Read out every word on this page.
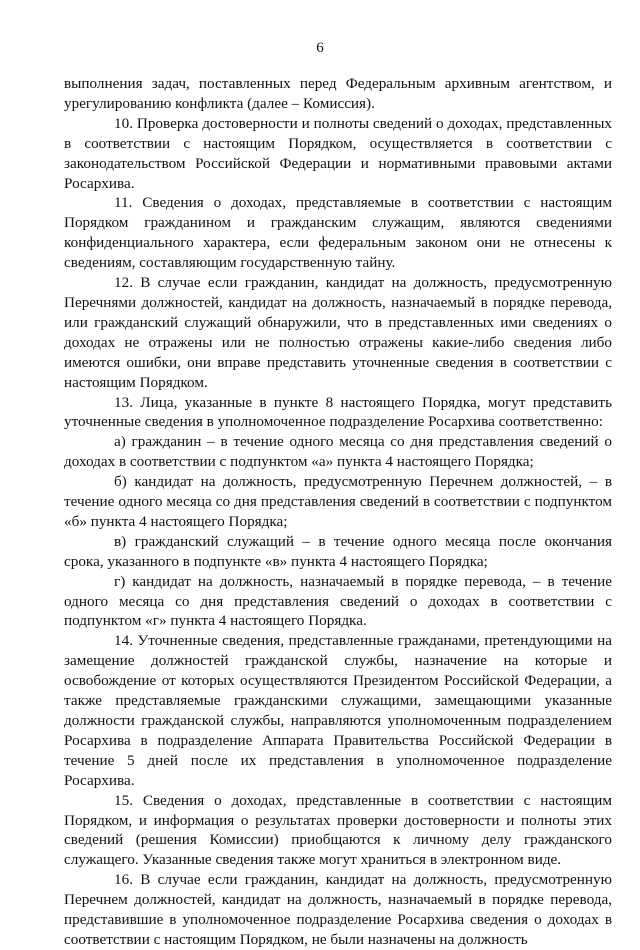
6

выполнения задач, поставленных перед Федеральным архивным агентством, и урегулированию конфликта (далее – Комиссия).

10. Проверка достоверности и полноты сведений о доходах, представленных в соответствии с настоящим Порядком, осуществляется в соответствии с законодательством Российской Федерации и нормативными правовыми актами Росархива.

11. Сведения о доходах, представляемые в соответствии с настоящим Порядком гражданином и гражданским служащим, являются сведениями конфиденциального характера, если федеральным законом они не отнесены к сведениям, составляющим государственную тайну.

12. В случае если гражданин, кандидат на должность, предусмотренную Перечнями должностей, кандидат на должность, назначаемый в порядке перевода, или гражданский служащий обнаружили, что в представленных ими сведениях о доходах не отражены или не полностью отражены какие-либо сведения либо имеются ошибки, они вправе представить уточненные сведения в соответствии с настоящим Порядком.

13. Лица, указанные в пункте 8 настоящего Порядка, могут представить уточненные сведения в уполномоченное подразделение Росархива соответственно:

а) гражданин – в течение одного месяца со дня представления сведений о доходах в соответствии с подпунктом «а» пункта 4 настоящего Порядка;

б) кандидат на должность, предусмотренную Перечнем должностей, – в течение одного месяца со дня представления сведений в соответствии с подпунктом «б» пункта 4 настоящего Порядка;

в) гражданский служащий – в течение одного месяца после окончания срока, указанного в подпункте «в» пункта 4 настоящего Порядка;

г) кандидат на должность, назначаемый в порядке перевода, – в течение одного месяца со дня представления сведений о доходах в соответствии с подпунктом «г» пункта 4 настоящего Порядка.

14. Уточненные сведения, представленные гражданами, претендующими на замещение должностей гражданской службы, назначение на которые и освобождение от которых осуществляются Президентом Российской Федерации, а также представляемые гражданскими служащими, замещающими указанные должности гражданской службы, направляются уполномоченным подразделением Росархива в подразделение Аппарата Правительства Российской Федерации в течение 5 дней после их представления в уполномоченное подразделение Росархива.

15. Сведения о доходах, представленные в соответствии с настоящим Порядком, и информация о результатах проверки достоверности и полноты этих сведений (решения Комиссии) приобщаются к личному делу гражданского служащего. Указанные сведения также могут храниться в электронном виде.

16. В случае если гражданин, кандидат на должность, предусмотренную Перечнем должностей, кандидат на должность, назначаемый в порядке перевода, представившие в уполномоченное подразделение Росархива сведения о доходах в соответствии с настоящим Порядком, не были назначены на должность
